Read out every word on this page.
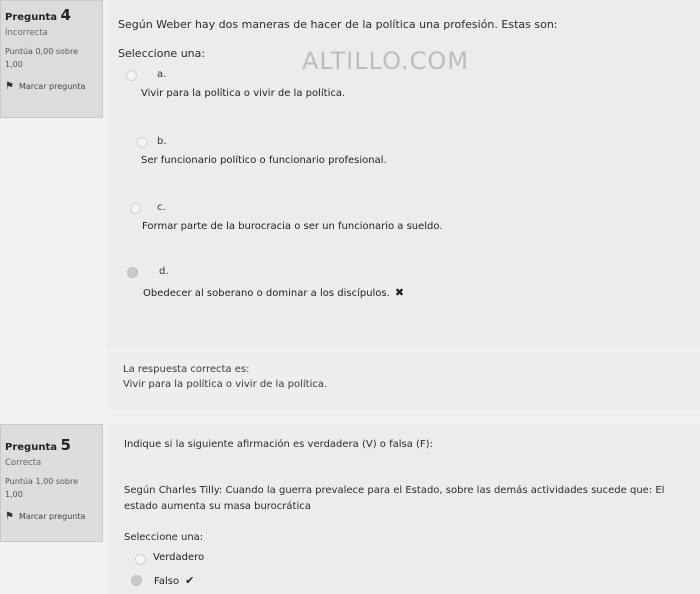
Pregunta 4
Incorrecta
Puntúa 0,00 sobre
1,00
⚑ Marcar pregunta
Según Weber hay dos maneras de hacer de la política una profesión. Estas son:
Seleccione una:
a.
Vivir para la política o vivir de la política.
b.
Ser funcionario político o funcionario profesional.
c.
Formar parte de la burocracia o ser un funcionario a sueldo.
d.
Obedecer al soberano o dominar a los discípulos. ✖
ALTILLO.COM
La respuesta correcta es:
Vivir para la política o vivir de la política.
Pregunta 5
Correcta
Puntúa 1,00 sobre
1,00
⚑ Marcar pregunta
Indique si la siguiente afirmación es verdadera (V) o falsa (F):
Según Charles Tilly: Cuando la guerra prevalece para el Estado, sobre las demás actividades sucede que: El estado aumenta su masa burocrática
Seleccione una:
Verdadero
Falso ✔
